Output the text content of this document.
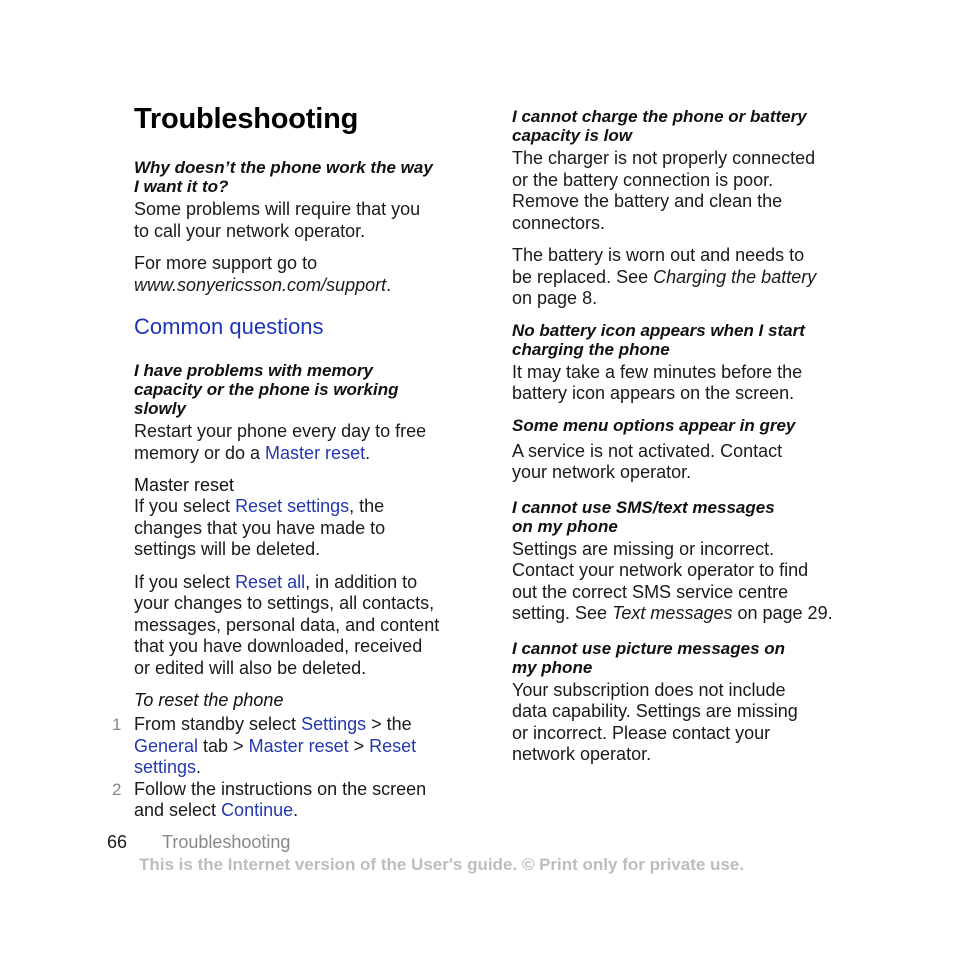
Troubleshooting
Why doesn’t the phone work the way
I want it to?
Some problems will require that you
to call your network operator.
For more support go to
www.sonyericsson.com/support.
Common questions
I have problems with memory
capacity or the phone is working
slowly
Restart your phone every day to free
memory or do a Master reset.
Master reset
If you select Reset settings, the
changes that you have made to
settings will be deleted.
If you select Reset all, in addition to
your changes to settings, all contacts,
messages, personal data, and content
that you have downloaded, received
or edited will also be deleted.
To reset the phone
1 From standby select Settings > the
General tab > Master reset > Reset
settings.
2 Follow the instructions on the screen
and select Continue.
I cannot charge the phone or battery
capacity is low
The charger is not properly connected
or the battery connection is poor.
Remove the battery and clean the
connectors.
The battery is worn out and needs to
be replaced. See Charging the battery
on page 8.
No battery icon appears when I start
charging the phone
It may take a few minutes before the
battery icon appears on the screen.
Some menu options appear in grey
A service is not activated. Contact
your network operator.
I cannot use SMS/text messages
on my phone
Settings are missing or incorrect.
Contact your network operator to find
out the correct SMS service centre
setting. See Text messages on page 29.
I cannot use picture messages on
my phone
Your subscription does not include
data capability. Settings are missing
or incorrect. Please contact your
network operator.
66 Troubleshooting
This is the Internet version of the User's guide. © Print only for private use.
